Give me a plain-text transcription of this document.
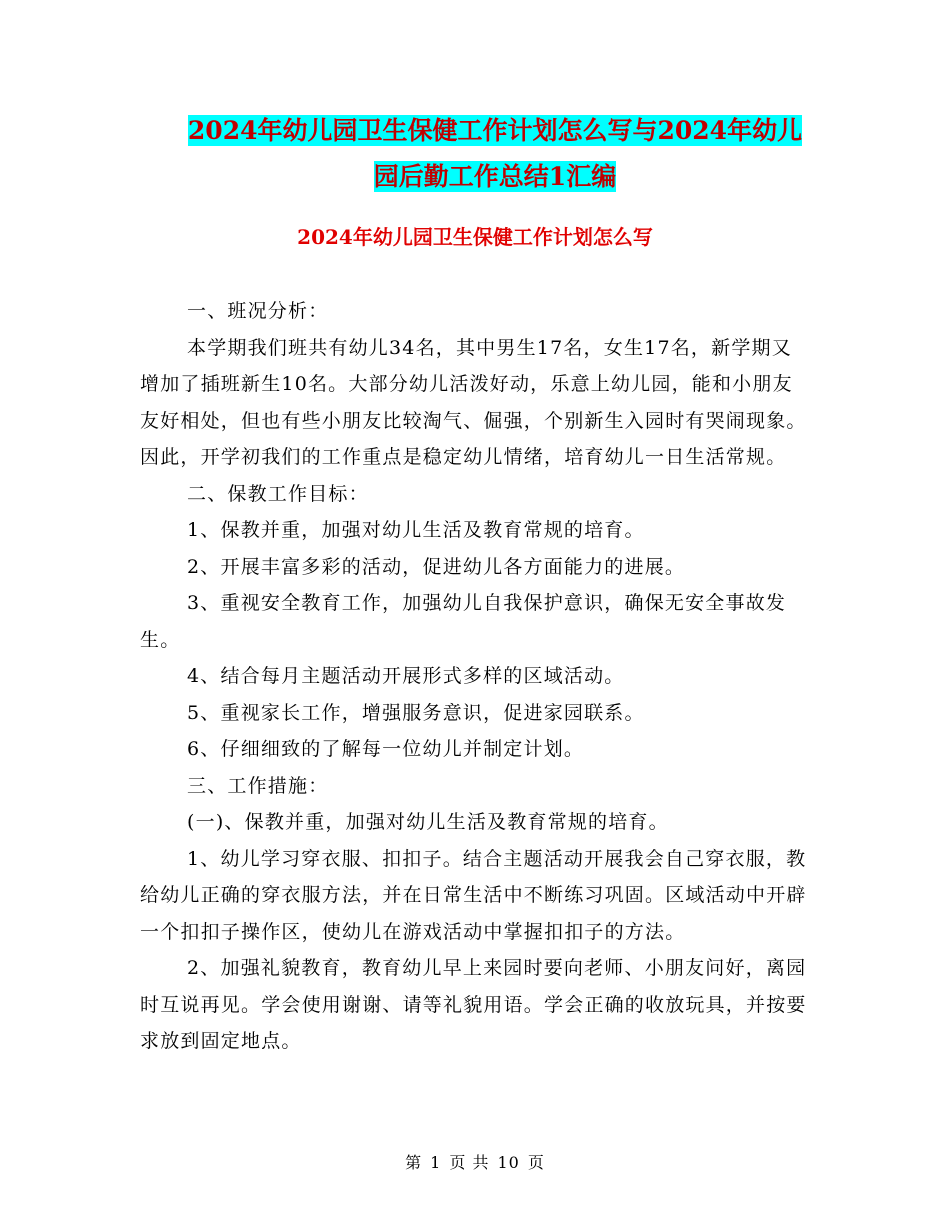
2024年幼儿园卫生保健工作计划怎么写与2024年幼儿
园后勤工作总结1汇编
2024年幼儿园卫生保健工作计划怎么写

一、班况分析：

本学期我们班共有幼儿34名，其中男生17名，女生17名，新学期又增加了插班新生10名。大部分幼儿活泼好动，乐意上幼儿园，能和小朋友友好相处，但也有些小朋友比较淘气、倔强，个别新生入园时有哭闹现象。因此，开学初我们的工作重点是稳定幼儿情绪，培育幼儿一日生活常规。

二、保教工作目标：

1、保教并重，加强对幼儿生活及教育常规的培育。

2、开展丰富多彩的活动，促进幼儿各方面能力的进展。

3、重视安全教育工作，加强幼儿自我保护意识，确保无安全事故发生。

4、结合每月主题活动开展形式多样的区域活动。

5、重视家长工作，增强服务意识，促进家园联系。

6、仔细细致的了解每一位幼儿并制定计划。

三、工作措施：

(一)、保教并重，加强对幼儿生活及教育常规的培育。

1、幼儿学习穿衣服、扣扣子。结合主题活动开展我会自己穿衣服，教给幼儿正确的穿衣服方法，并在日常生活中不断练习巩固。区域活动中开辟一个扣扣子操作区，使幼儿在游戏活动中掌握扣扣子的方法。

2、加强礼貌教育，教育幼儿早上来园时要向老师、小朋友问好，离园时互说再见。学会使用谢谢、请等礼貌用语。学会正确的收放玩具，并按要求放到固定地点。

第 1 页 共 10 页
